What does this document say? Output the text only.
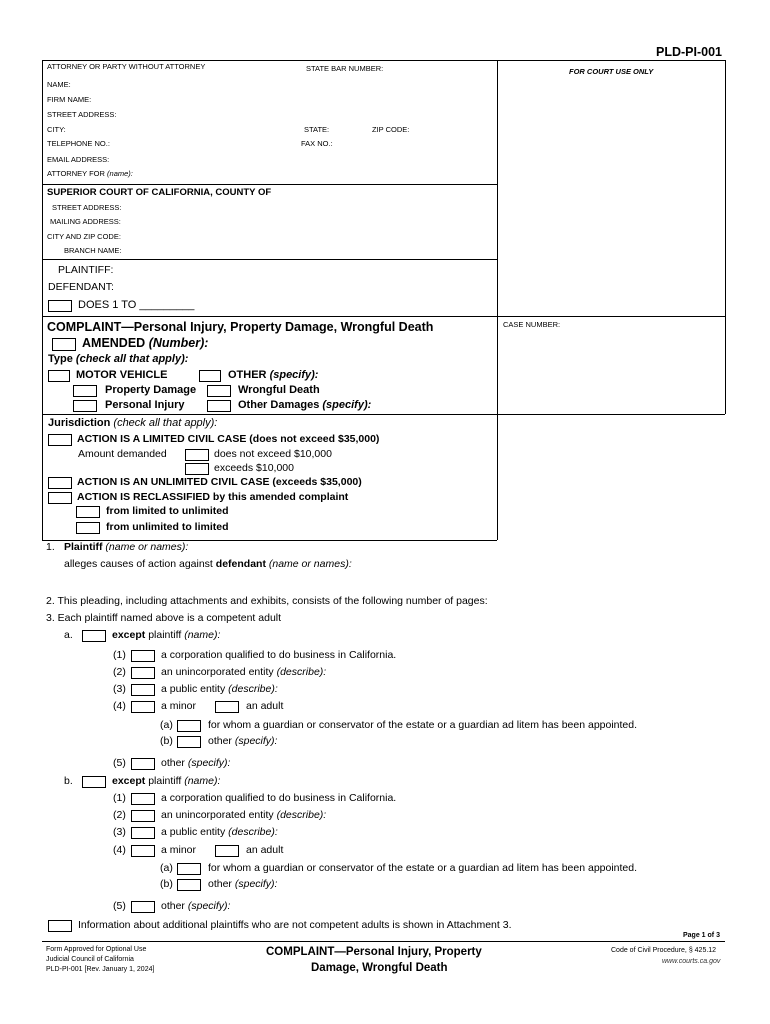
PLD-PI-001
ATTORNEY OR PARTY WITHOUT ATTORNEY	STATE BAR NUMBER:	FOR COURT USE ONLY
NAME:
FIRM NAME:
STREET ADDRESS:
CITY:	STATE:	ZIP CODE:
TELEPHONE NO.:	FAX NO.:
EMAIL ADDRESS:
ATTORNEY FOR (name):
SUPERIOR COURT OF CALIFORNIA, COUNTY OF
STREET ADDRESS:
MAILING ADDRESS:
CITY AND ZIP CODE:
BRANCH NAME:
PLAINTIFF:
DEFENDANT:
DOES 1 TO _________
COMPLAINT—Personal Injury, Property Damage, Wrongful Death	CASE NUMBER:
AMENDED (Number):
Type (check all that apply):
MOTOR VEHICLE	OTHER (specify):
Property Damage	Wrongful Death
Personal Injury	Other Damages (specify):
Jurisdiction (check all that apply):
ACTION IS A LIMITED CIVIL CASE (does not exceed $35,000)
Amount demanded	does not exceed $10,000
exceeds $10,000
ACTION IS AN UNLIMITED CIVIL CASE (exceeds $35,000)
ACTION IS RECLASSIFIED by this amended complaint
from limited to unlimited
from unlimited to limited
1. Plaintiff (name or names):
alleges causes of action against defendant (name or names):
2. This pleading, including attachments and exhibits, consists of the following number of pages:
3. Each plaintiff named above is a competent adult
a.	except plaintiff (name):
(1)	a corporation qualified to do business in California.
(2)	an unincorporated entity (describe):
(3)	a public entity (describe):
(4)	a minor	an adult
(a)	for whom a guardian or conservator of the estate or a guardian ad litem has been appointed.
(b)	other (specify):
(5)	other (specify):
b.	except plaintiff (name):
(1)	a corporation qualified to do business in California.
(2)	an unincorporated entity (describe):
(3)	a public entity (describe):
(4)	a minor	an adult
(a)	for whom a guardian or conservator of the estate or a guardian ad litem has been appointed.
(b)	other (specify):
(5)	other (specify):
Information about additional plaintiffs who are not competent adults is shown in Attachment 3.
Page 1 of 3
Form Approved for Optional Use
Judicial Council of California
PLD-PI-001 [Rev. January 1, 2024]
COMPLAINT—Personal Injury, Property
Damage, Wrongful Death
Code of Civil Procedure, § 425.12
www.courts.ca.gov
